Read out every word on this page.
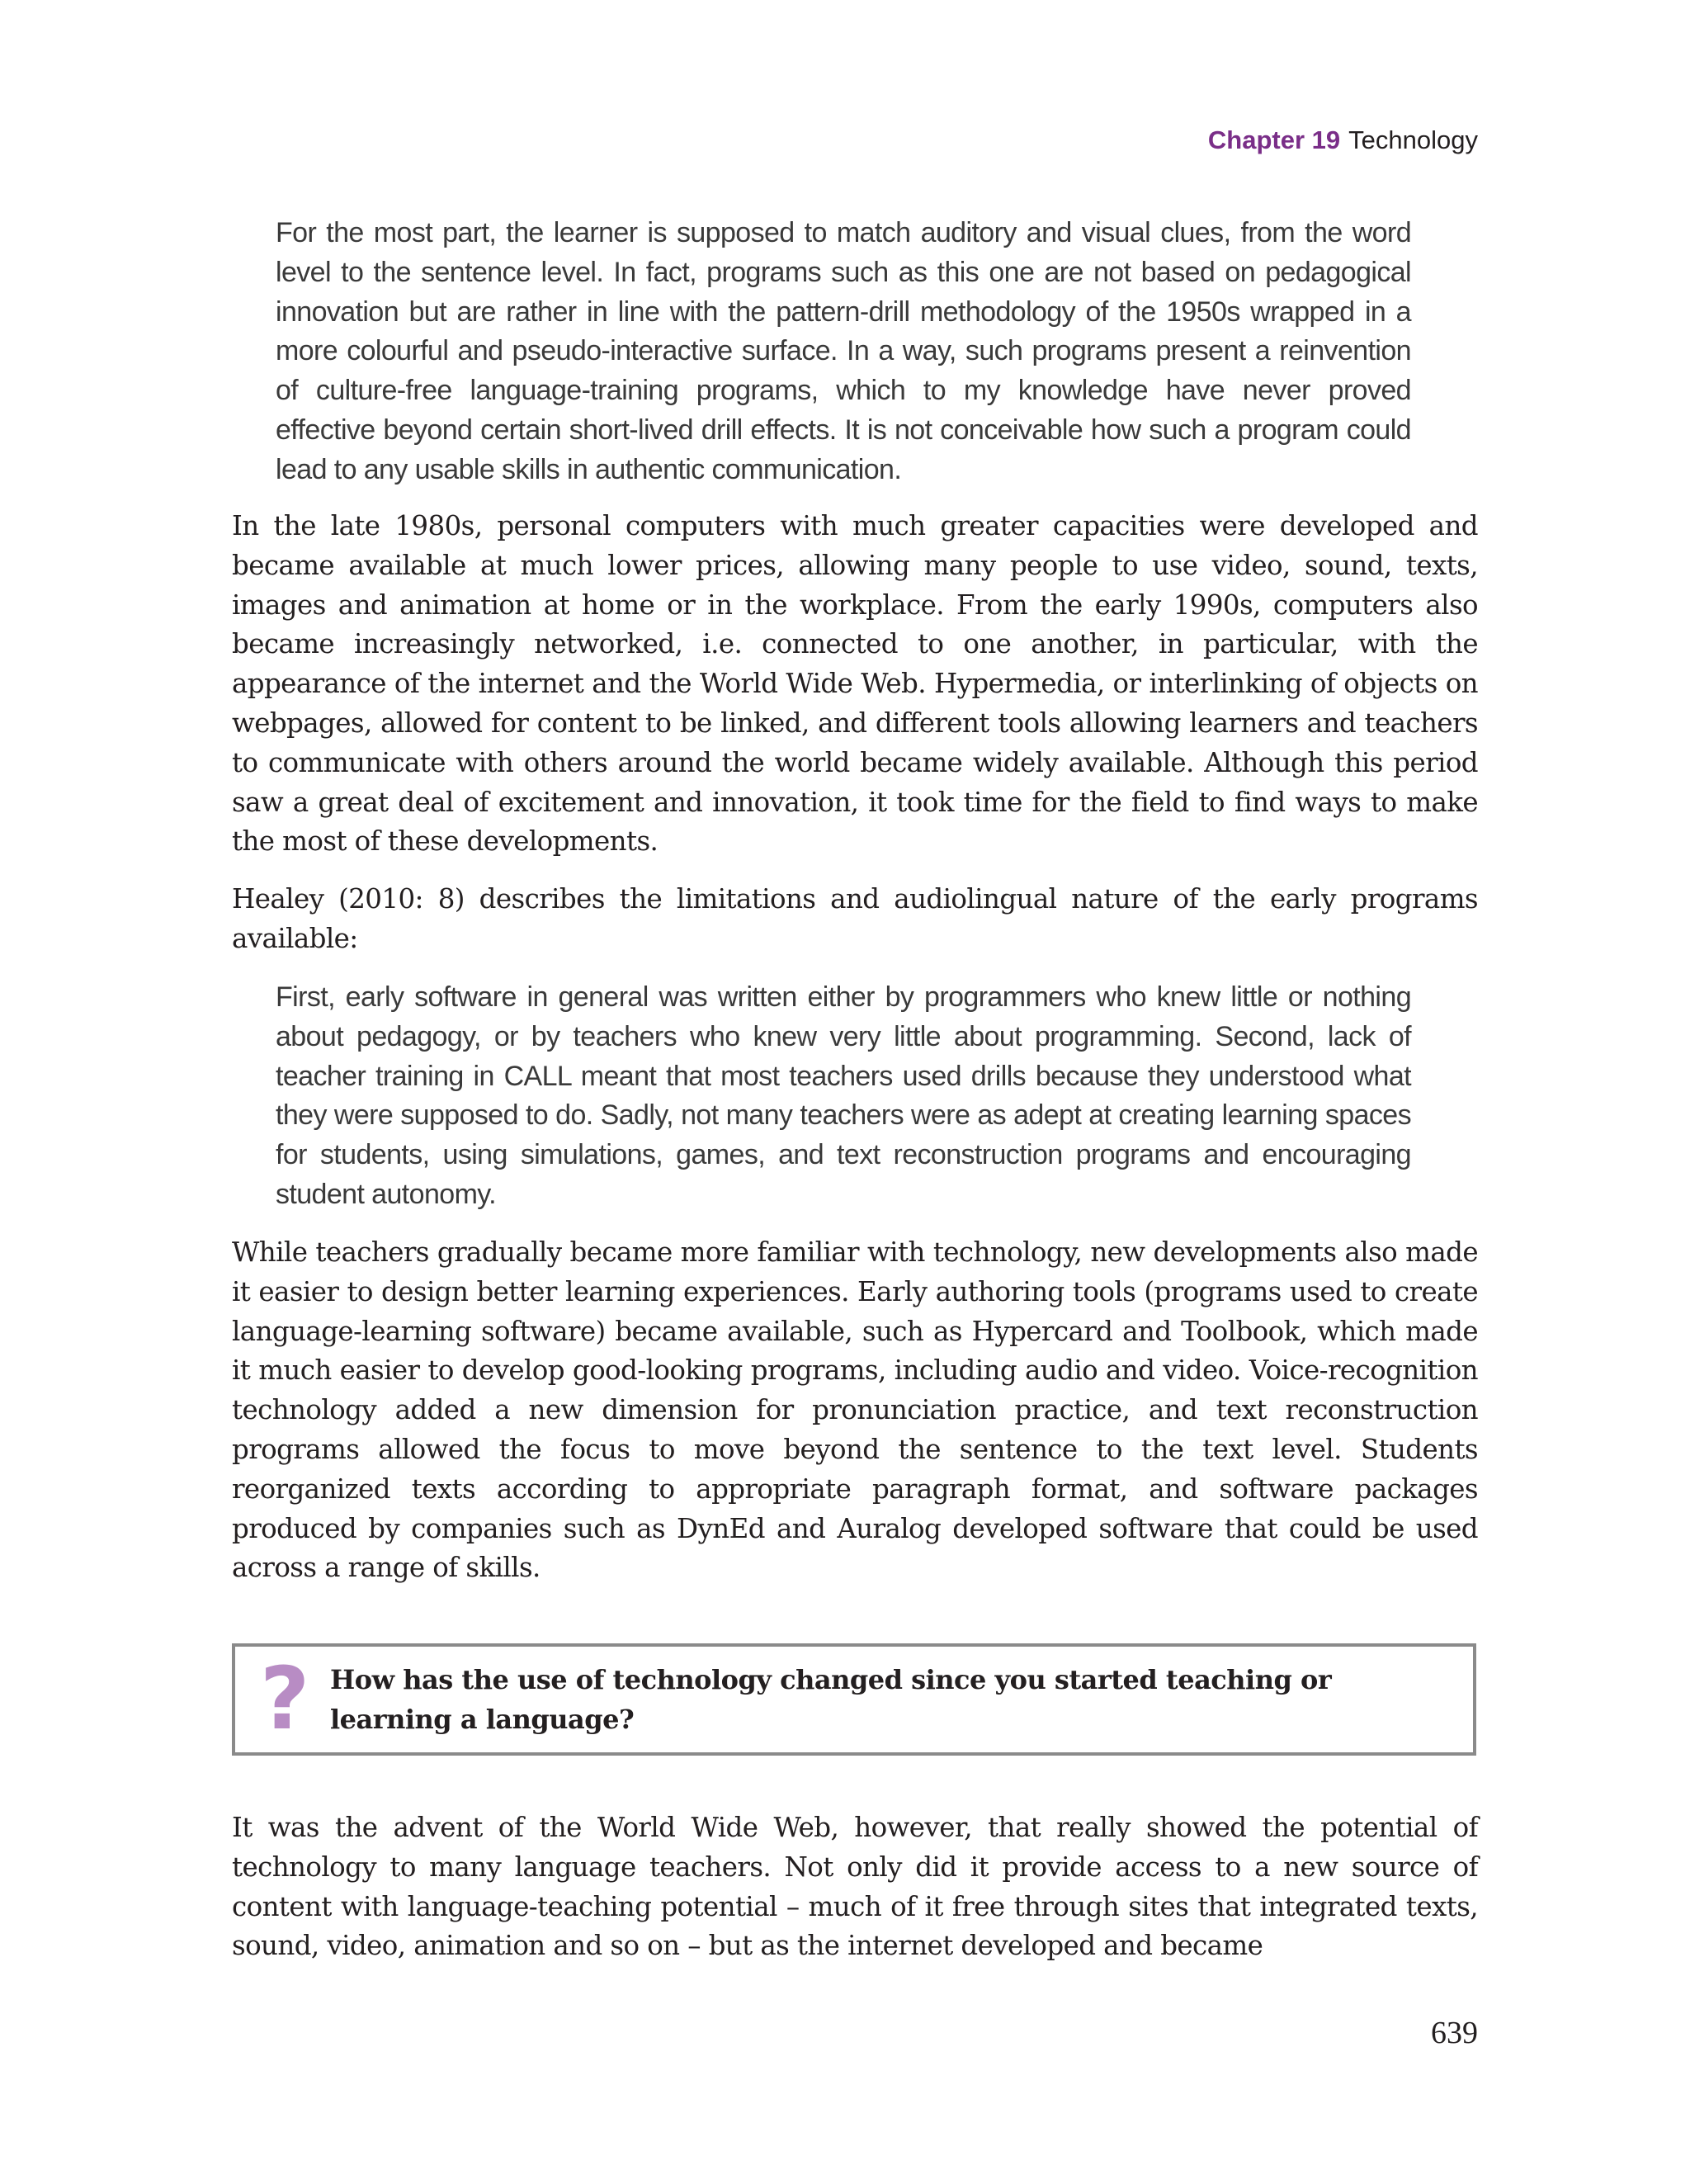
Chapter 19 Technology

For the most part, the learner is supposed to match auditory and visual clues, from the word level to the sentence level. In fact, programs such as this one are not based on pedagogical innovation but are rather in line with the pattern-drill methodology of the 1950s wrapped in a more colourful and pseudo-interactive surface. In a way, such programs present a reinvention of culture-free language-training programs, which to my knowledge have never proved effective beyond certain short-lived drill effects. It is not conceivable how such a program could lead to any usable skills in authentic communication.

In the late 1980s, personal computers with much greater capacities were developed and became available at much lower prices, allowing many people to use video, sound, texts, images and animation at home or in the workplace. From the early 1990s, computers also became increasingly networked, i.e. connected to one another, in particular, with the appearance of the internet and the World Wide Web. Hypermedia, or interlinking of objects on webpages, allowed for content to be linked, and different tools allowing learners and teachers to communicate with others around the world became widely available. Although this period saw a great deal of excitement and innovation, it took time for the field to find ways to make the most of these developments.

Healey (2010: 8) describes the limitations and audiolingual nature of the early programs available:

First, early software in general was written either by programmers who knew little or nothing about pedagogy, or by teachers who knew very little about programming. Second, lack of teacher training in CALL meant that most teachers used drills because they understood what they were supposed to do. Sadly, not many teachers were as adept at creating learning spaces for students, using simulations, games, and text reconstruction programs and encouraging student autonomy.

While teachers gradually became more familiar with technology, new developments also made it easier to design better learning experiences. Early authoring tools (programs used to create language-learning software) became available, such as Hypercard and Toolbook, which made it much easier to develop good-looking programs, including audio and video. Voice-recognition technology added a new dimension for pronunciation practice, and text reconstruction programs allowed the focus to move beyond the sentence to the text level. Students reorganized texts according to appropriate paragraph format, and software packages produced by companies such as DynEd and Auralog developed software that could be used across a range of skills.

? How has the use of technology changed since you started teaching or learning a language?

It was the advent of the World Wide Web, however, that really showed the potential of technology to many language teachers. Not only did it provide access to a new source of content with language-teaching potential – much of it free through sites that integrated texts, sound, video, animation and so on – but as the internet developed and became

639
